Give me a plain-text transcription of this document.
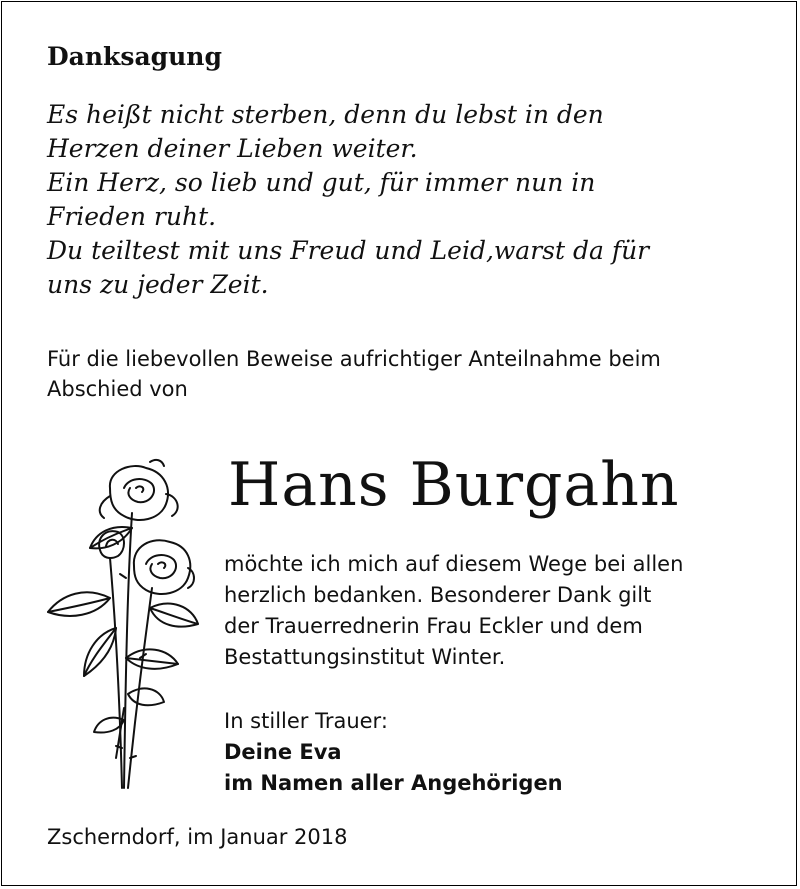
Danksagung
Es heißt nicht sterben, denn du lebst in den
Herzen deiner Lieben weiter.
Ein Herz, so lieb und gut, für immer nun in
Frieden ruht.
Du teiltest mit uns Freud und Leid,warst da für
uns zu jeder Zeit.
Für die liebevollen Beweise aufrichtiger Anteilnahme beim
Abschied von
Hans Burgahn
möchte ich mich auf diesem Wege bei allen
herzlich bedanken. Besonderer Dank gilt
der Trauerrednerin Frau Eckler und dem
Bestattungsinstitut Winter.
In stiller Trauer:
Deine Eva
im Namen aller Angehörigen
Zscherndorf, im Januar 2018
